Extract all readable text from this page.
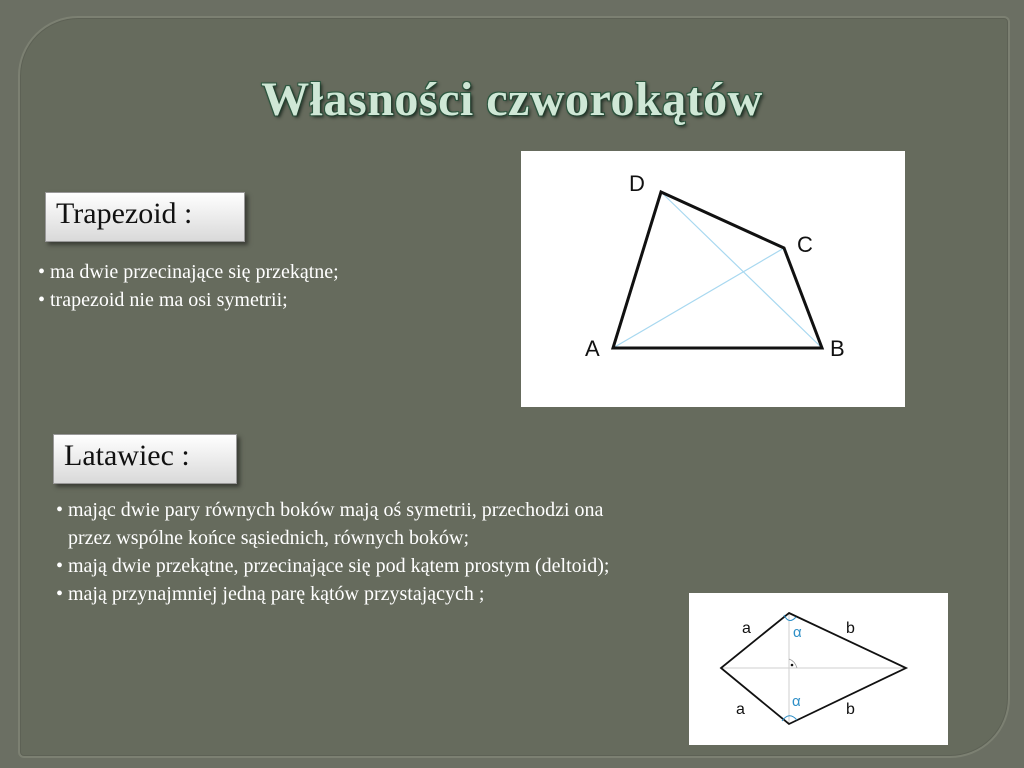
Własności czworokątów
Trapezoid :
• ma dwie przecinające się przekątne;
• trapezoid nie ma osi symetrii;
D
C
A	B
Latawiec :
• mając dwie pary równych boków mają oś symetrii, przechodzi ona
przez wspólne końce sąsiednich, równych boków;
• mają dwie przekątne, przecinające się pod kątem prostym (deltoid);
• mają przynajmniej jedną parę kątów przystających ;
a	b
a	b
α
α
